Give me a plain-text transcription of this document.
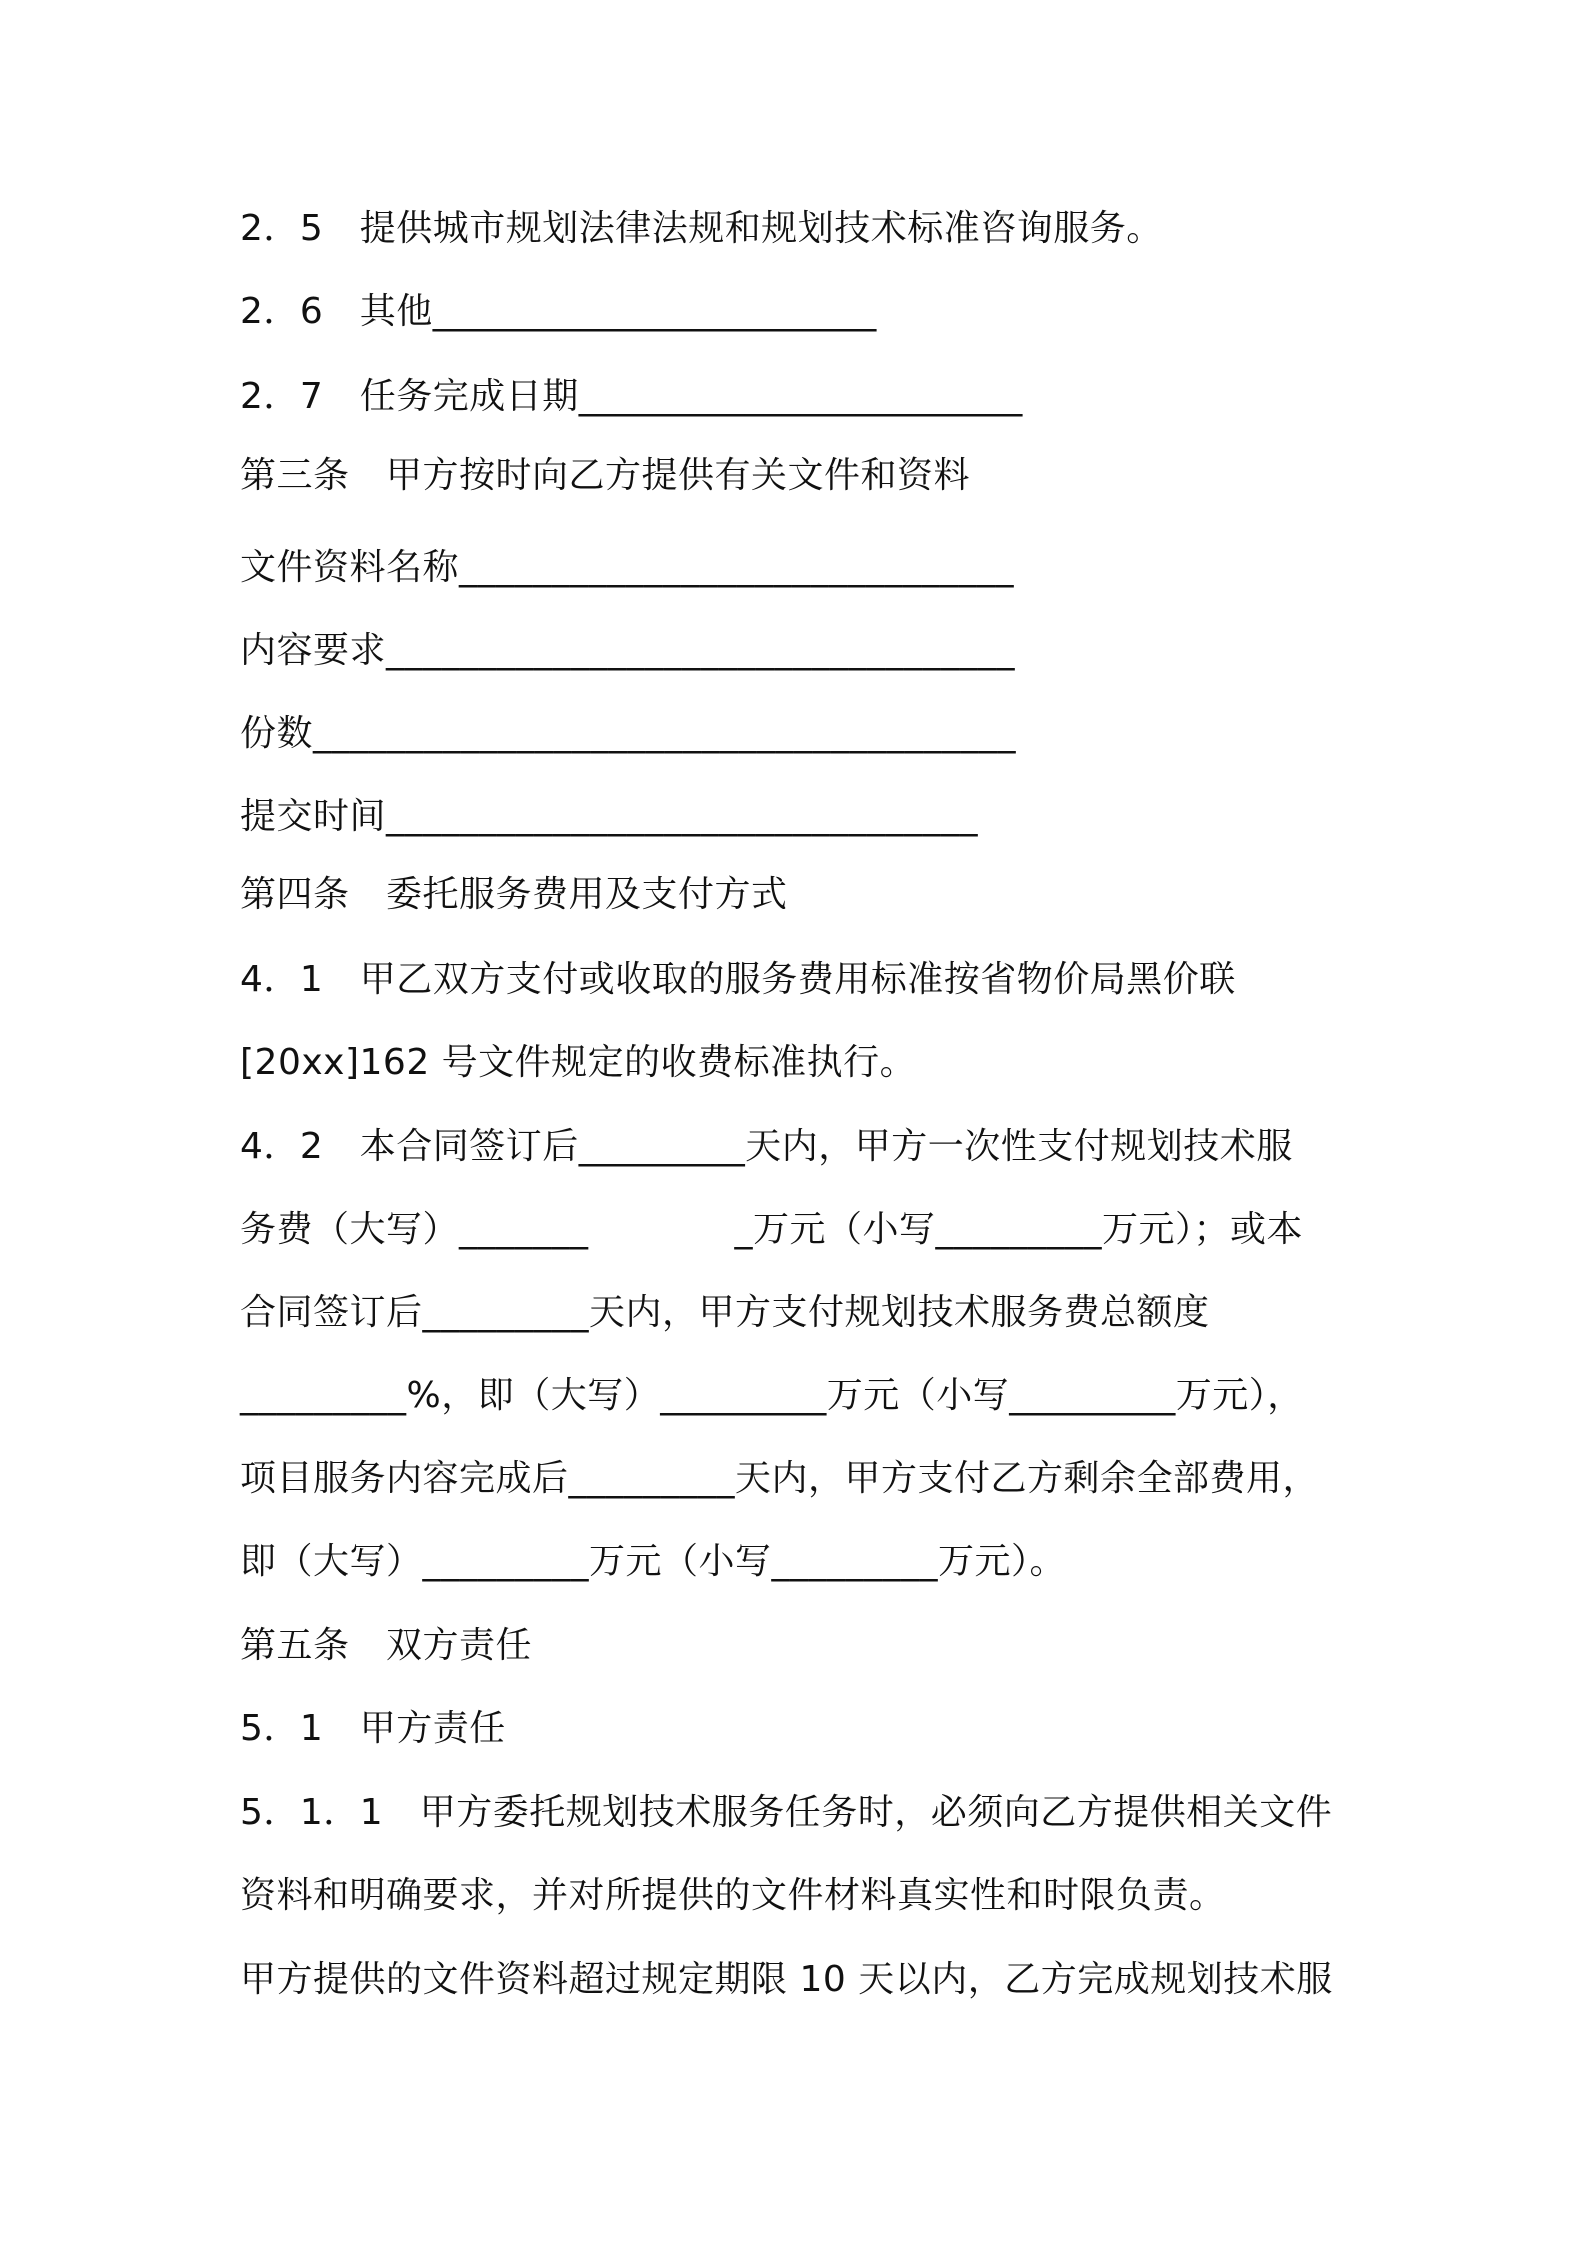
2．5　提供城市规划法律法规和规划技术标准咨询服务。
2．6　其他________________________
2．7　任务完成日期________________________
第三条　甲方按时向乙方提供有关文件和资料
文件资料名称______________________________
内容要求__________________________________
份数______________________________________
提交时间________________________________
第四条　委托服务费用及支付方式
4．1　甲乙双方支付或收取的服务费用标准按省物价局黑价联
[20xx]162 号文件规定的收费标准执行。
4．2　本合同签订后_________天内，甲方一次性支付规划技术服
务费（大写）_______　　　　_万元（小写_________万元）；或本
合同签订后_________天内，甲方支付规划技术服务费总额度
_________%，即（大写）_________万元（小写_________万元），
项目服务内容完成后_________天内，甲方支付乙方剩余全部费用，
即（大写）_________万元（小写_________万元）。
第五条　双方责任
5．1　甲方责任
5．1．1　甲方委托规划技术服务任务时，必须向乙方提供相关文件
资料和明确要求，并对所提供的文件材料真实性和时限负责。
甲方提供的文件资料超过规定期限 10 天以内，乙方完成规划技术服
